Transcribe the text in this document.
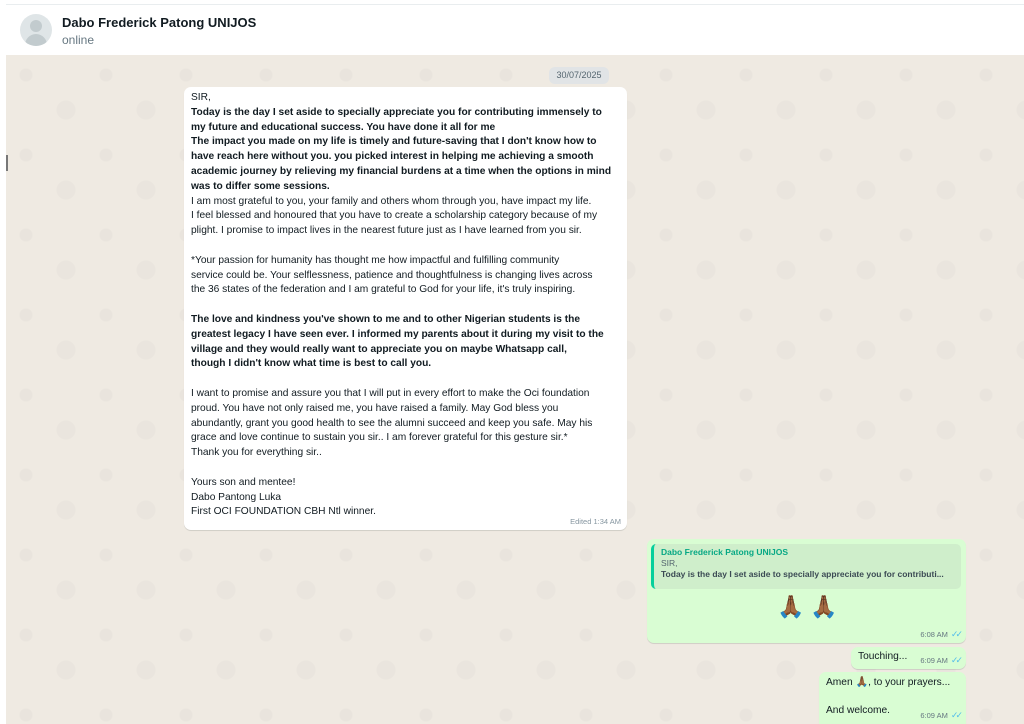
Dabo Frederick Patong UNIJOS
online
30/07/2025

SIR,

Today is the day I set aside to specially appreciate you for contributing immensely to

my future and educational success. You have done it all for me

The impact you made on my life is timely and future-saving that I don't know how to

have reach here without you. you picked interest in helping me achieving a smooth

academic journey by relieving my financial burdens at a time when the options in mind

was to differ some sessions.

I am most grateful to you, your family and others whom through you, have impact my life.

I feel blessed and honoured that you have to create a scholarship category because of my

plight. I promise to impact lives in the nearest future just as I have learned from you sir.

*Your passion for humanity has thought me how impactful and fulfilling community

service could be. Your selflessness, patience and thoughtfulness is changing lives across

the 36 states of the federation and I am grateful to God for your life, it's truly inspiring.

The love and kindness you've shown to me and to other Nigerian students is the

greatest legacy I have seen ever. I informed my parents about it during my visit to the

village and they would really want to appreciate you on maybe Whatsapp call,

though I didn't know what time is best to call you.

I want to promise and assure you that I will put in every effort to make the Oci foundation

proud. You have not only raised me, you have raised a family. May God bless you

abundantly, grant you good health to see the alumni succeed and keep you safe. May his

grace and love continue to sustain you sir.. I am forever grateful for this gesture sir.*

Thank you for everything sir..

Yours son and mentee!

Dabo Pantong Luka

First OCI FOUNDATION CBH Ntl winner.

Edited 1:34 AM
Dabo Frederick Patong UNIJOS
SIR,
Today is the day I set aside to specially appreciate you for contributi...
🙏🏾🙏🏾
6:08 AM ✓✓
Touching... 6:09 AM ✓✓
Amen 🙏🏾, to your prayers...
And welcome.	6:09 AM ✓✓
